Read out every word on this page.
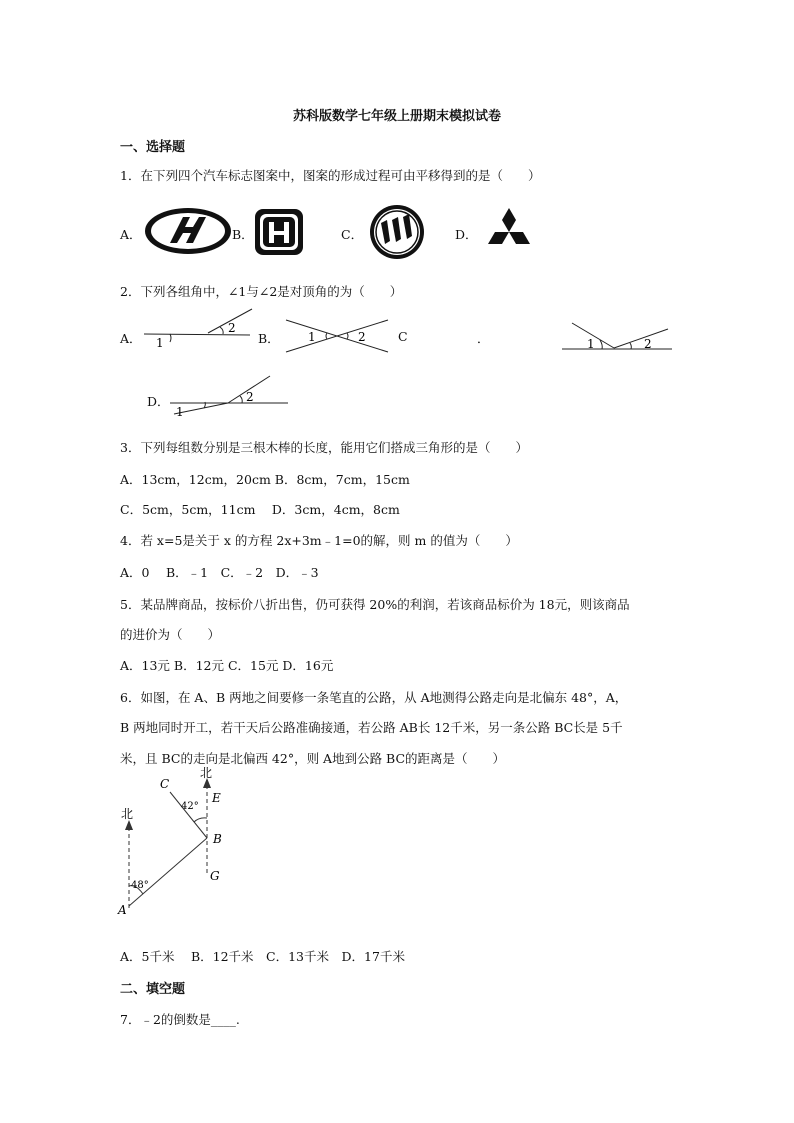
苏科版数学七年级上册期末模拟试卷
一、选择题
1．在下列四个汽车标志图案中，图案的形成过程可由平移得到的是（　　）
A．	B．	C．	D．
2．下列各组角中，∠1与∠2是对顶角的为（　　）
A． 1
2
B． 1	2	C	．	1	2
D．
1
2
3．下列每组数分别是三根木棒的长度，能用它们搭成三角形的是（　　）
A．13cm，12cm，20cm B．8cm，7cm，15cm
C．5cm，5cm，11cm　 D．3cm，4cm，8cm
4．若 x=5是关于 x 的方程 2x+3m﹣1=0的解，则 m 的值为（　　）
A．0　 B．﹣1　C．﹣2　D．﹣3
5．某品牌商品，按标价八折出售，仍可获得 20%的利润，若该商品标价为 18元，则该商品
的进价为（　　）
A．13元 B．12元 C．15元 D．16元
6．如图，在 A、B 两地之间要修一条笔直的公路，从 A地测得公路走向是北偏东 48°，A，
B 两地同时开工，若干天后公路准确接通，若公路 AB长 12千米，另一条公路 BC长是 5千
米，且 BC的走向是北偏西 42°，则 A地到公路 BC的距离是（　　）
北
北
48°
42°
A
B
C
E
G
A．5千米　 B．12千米　C．13千米　D．17千米
二、填空题
7．﹣2的倒数是____.
